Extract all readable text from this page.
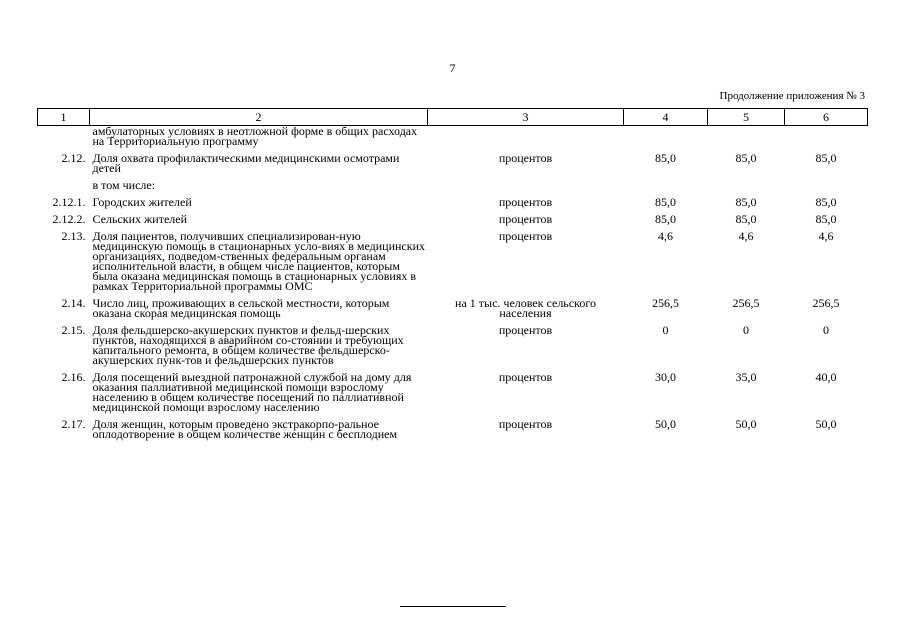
7
Продолжение приложения № 3
1	2	3	4	5	6
	амбулаторных условиях в неотложной форме в общих расходах на Территориальную программу				
2.12.	Доля охвата профилактическими медицинскими осмотрами детей	процентов	85,0	85,0	85,0
	в том числе:				
2.12.1.	Городских жителей	процентов	85,0	85,0	85,0
2.12.2.	Сельских жителей	процентов	85,0	85,0	85,0
2.13.	Доля пациентов, получивших специализирован-ную медицинскую помощь в стационарных усло-виях в медицинских организациях, подведом-ственных федеральным органам исполнительной власти, в общем числе пациентов, которым была оказана медицинская помощь в стационарных условиях в рамках Территориальной программы ОМС	процентов	4,6	4,6	4,6
2.14.	Число лиц, проживающих в сельской местности, которым оказана скорая медицинская помощь	на 1 тыс. человек сельского населения	256,5	256,5	256,5
2.15.	Доля фельдшерско-акушерских пунктов и фельд-шерских пунктов, находящихся в аварийном со-стоянии и требующих капитального ремонта, в общем количестве фельдшерско-акушерских пунк-тов и фельдшерских пунктов	процентов	0	0	0
2.16.	Доля посещений выездной патронажной службой на дому для оказания паллиативной медицинской помощи взрослому населению в общем количестве посещений по паллиативной медицинской помощи взрослому населению	процентов	30,0	35,0	40,0
2.17.	Доля женщин, которым проведено экстракорпо-ральное оплодотворение в общем количестве женщин с бесплодием	процентов	50,0	50,0	50,0
